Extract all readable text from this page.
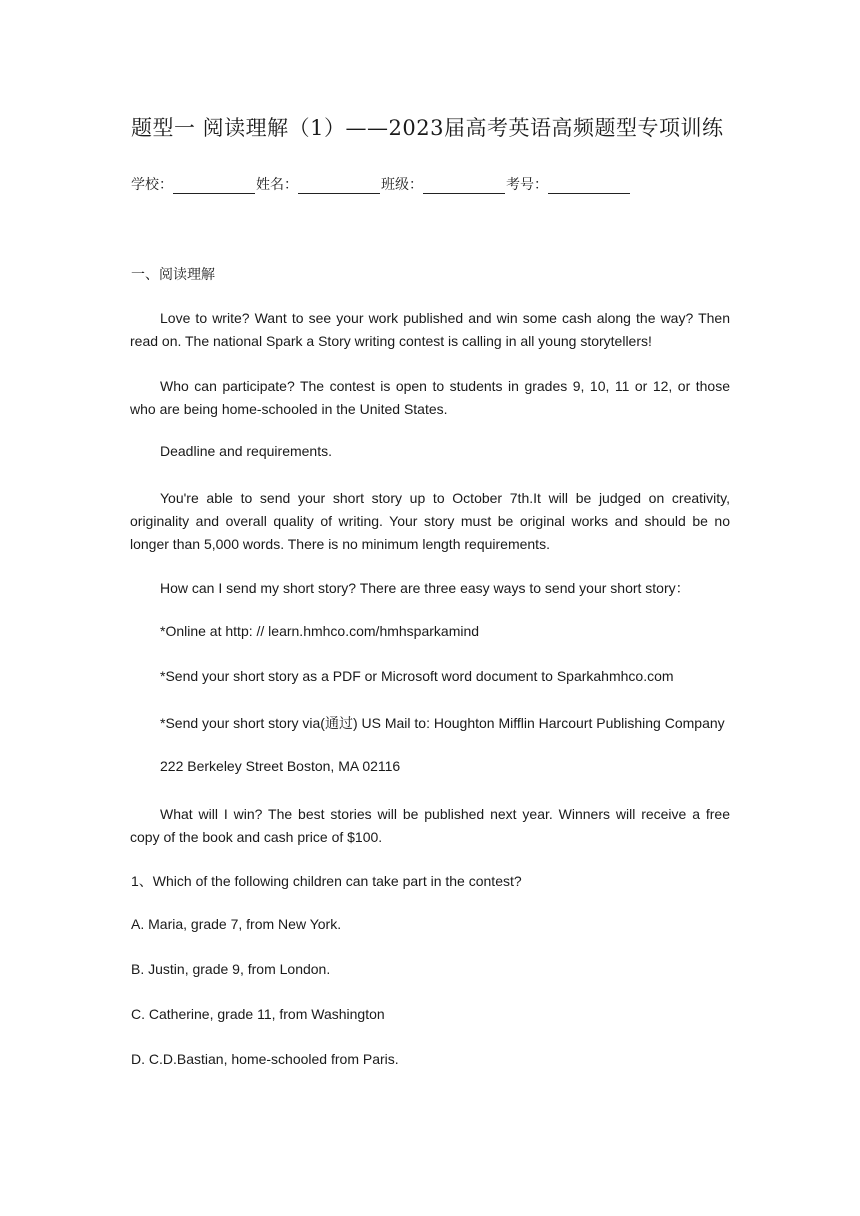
题型一 阅读理解（1）——2023届高考英语高频题型专项训练
学校：	姓名：	班级：	考号：
一、阅读理解
Love to write? Want to see your work published and win some cash along the way? Then read on. The national Spark a Story writing contest is calling in all young storytellers!
Who can participate? The contest is open to students in grades 9, 10, 11 or 12, or those who are being home-schooled in the United States.
Deadline and requirements.
You're able to send your short story up to October 7th.It will be judged on creativity, originality and overall quality of writing. Your story must be original works and should be no longer than 5,000 words. There is no minimum length requirements.
How can I send my short story? There are three easy ways to send your short story：
*Online at http: // learn.hmhco.com/hmhsparkamind
*Send your short story as a PDF or Microsoft word document to Sparkahmhco.com
*Send your short story via(通过) US Mail to: Houghton Mifflin Harcourt Publishing Company
222 Berkeley Street Boston, MA 02116
What will I win? The best stories will be published next year. Winners will receive a free copy of the book and cash price of $100.
1、Which of the following children can take part in the contest?
A. Maria, grade 7, from New York.
B. Justin, grade 9, from London.
C. Catherine, grade 11, from Washington
D. C.D.Bastian, home-schooled from Paris.
